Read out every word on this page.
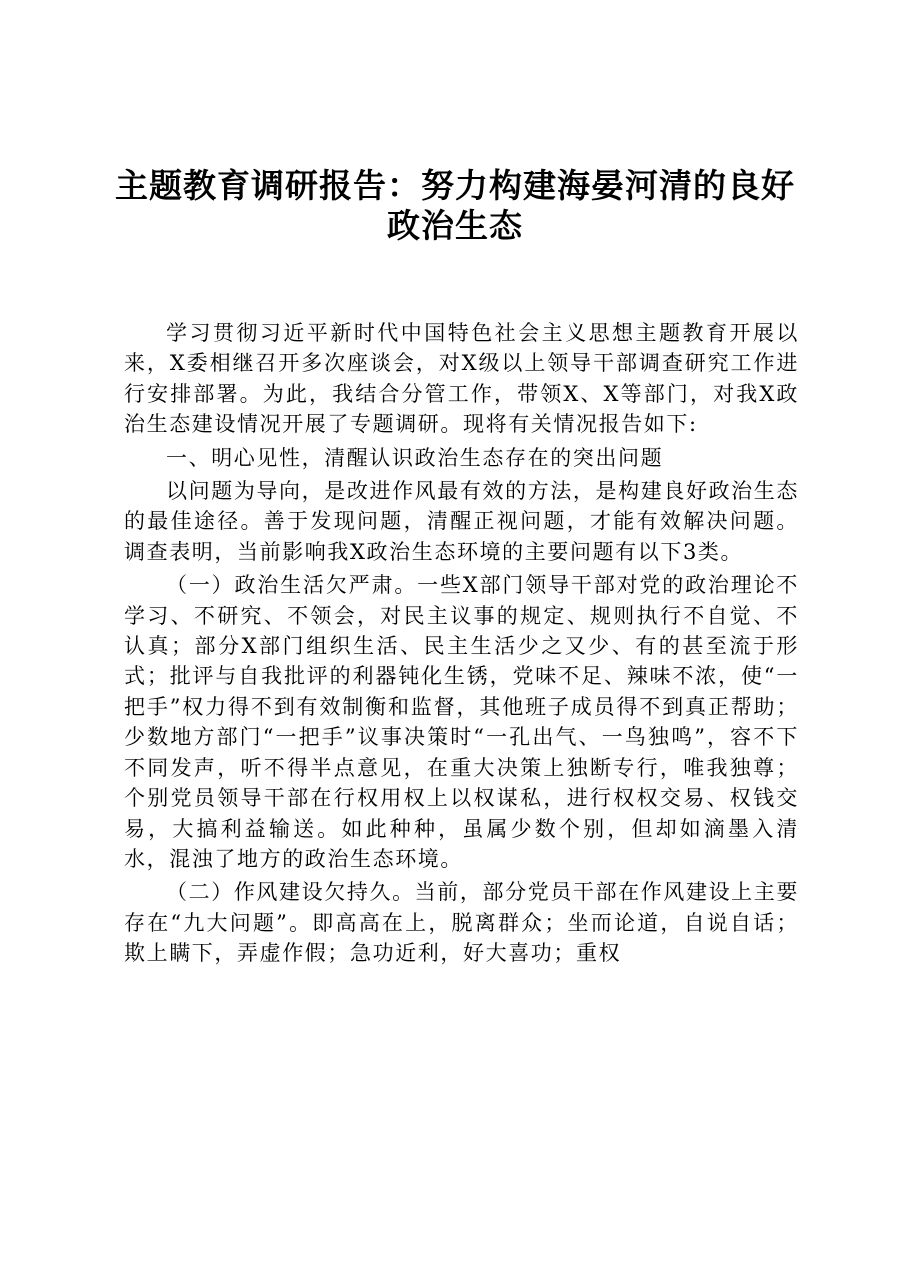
主题教育调研报告：努力构建海晏河清的良好
政治生态

学习贯彻习近平新时代中国特色社会主义思想主题教育开展以来，X委相继召开多次座谈会，对X级以上领导干部调查研究工作进行安排部署。为此，我结合分管工作，带领X、X等部门，对我X政治生态建设情况开展了专题调研。现将有关情况报告如下:

一、明心见性，清醒认识政治生态存在的突出问题

以问题为导向，是改进作风最有效的方法，是构建良好政治生态的最佳途径。善于发现问题，清醒正视问题，才能有效解决问题。调查表明，当前影响我X政治生态环境的主要问题有以下3类。

（一）政治生活欠严肃。一些X部门领导干部对党的政治理论不学习、不研究、不领会，对民主议事的规定、规则执行不自觉、不认真；部分X部门组织生活、民主生活少之又少、有的甚至流于形式；批评与自我批评的利器钝化生锈，党味不足、辣味不浓，使“一把手”权力得不到有效制衡和监督，其他班子成员得不到真正帮助；少数地方部门“一把手”议事决策时“一孔出气、一鸟独鸣”，容不下不同发声，听不得半点意见，在重大决策上独断专行，唯我独尊；个别党员领导干部在行权用权上以权谋私，进行权权交易、权钱交易，大搞利益输送。如此种种，虽属少数个别，但却如滴墨入清水，混浊了地方的政治生态环境。

（二）作风建设欠持久。当前，部分党员干部在作风建设上主要存在“九大问题”。即高高在上，脱离群众；坐而论道，自说自话；欺上瞒下，弄虚作假；急功近利，好大喜功；重权
